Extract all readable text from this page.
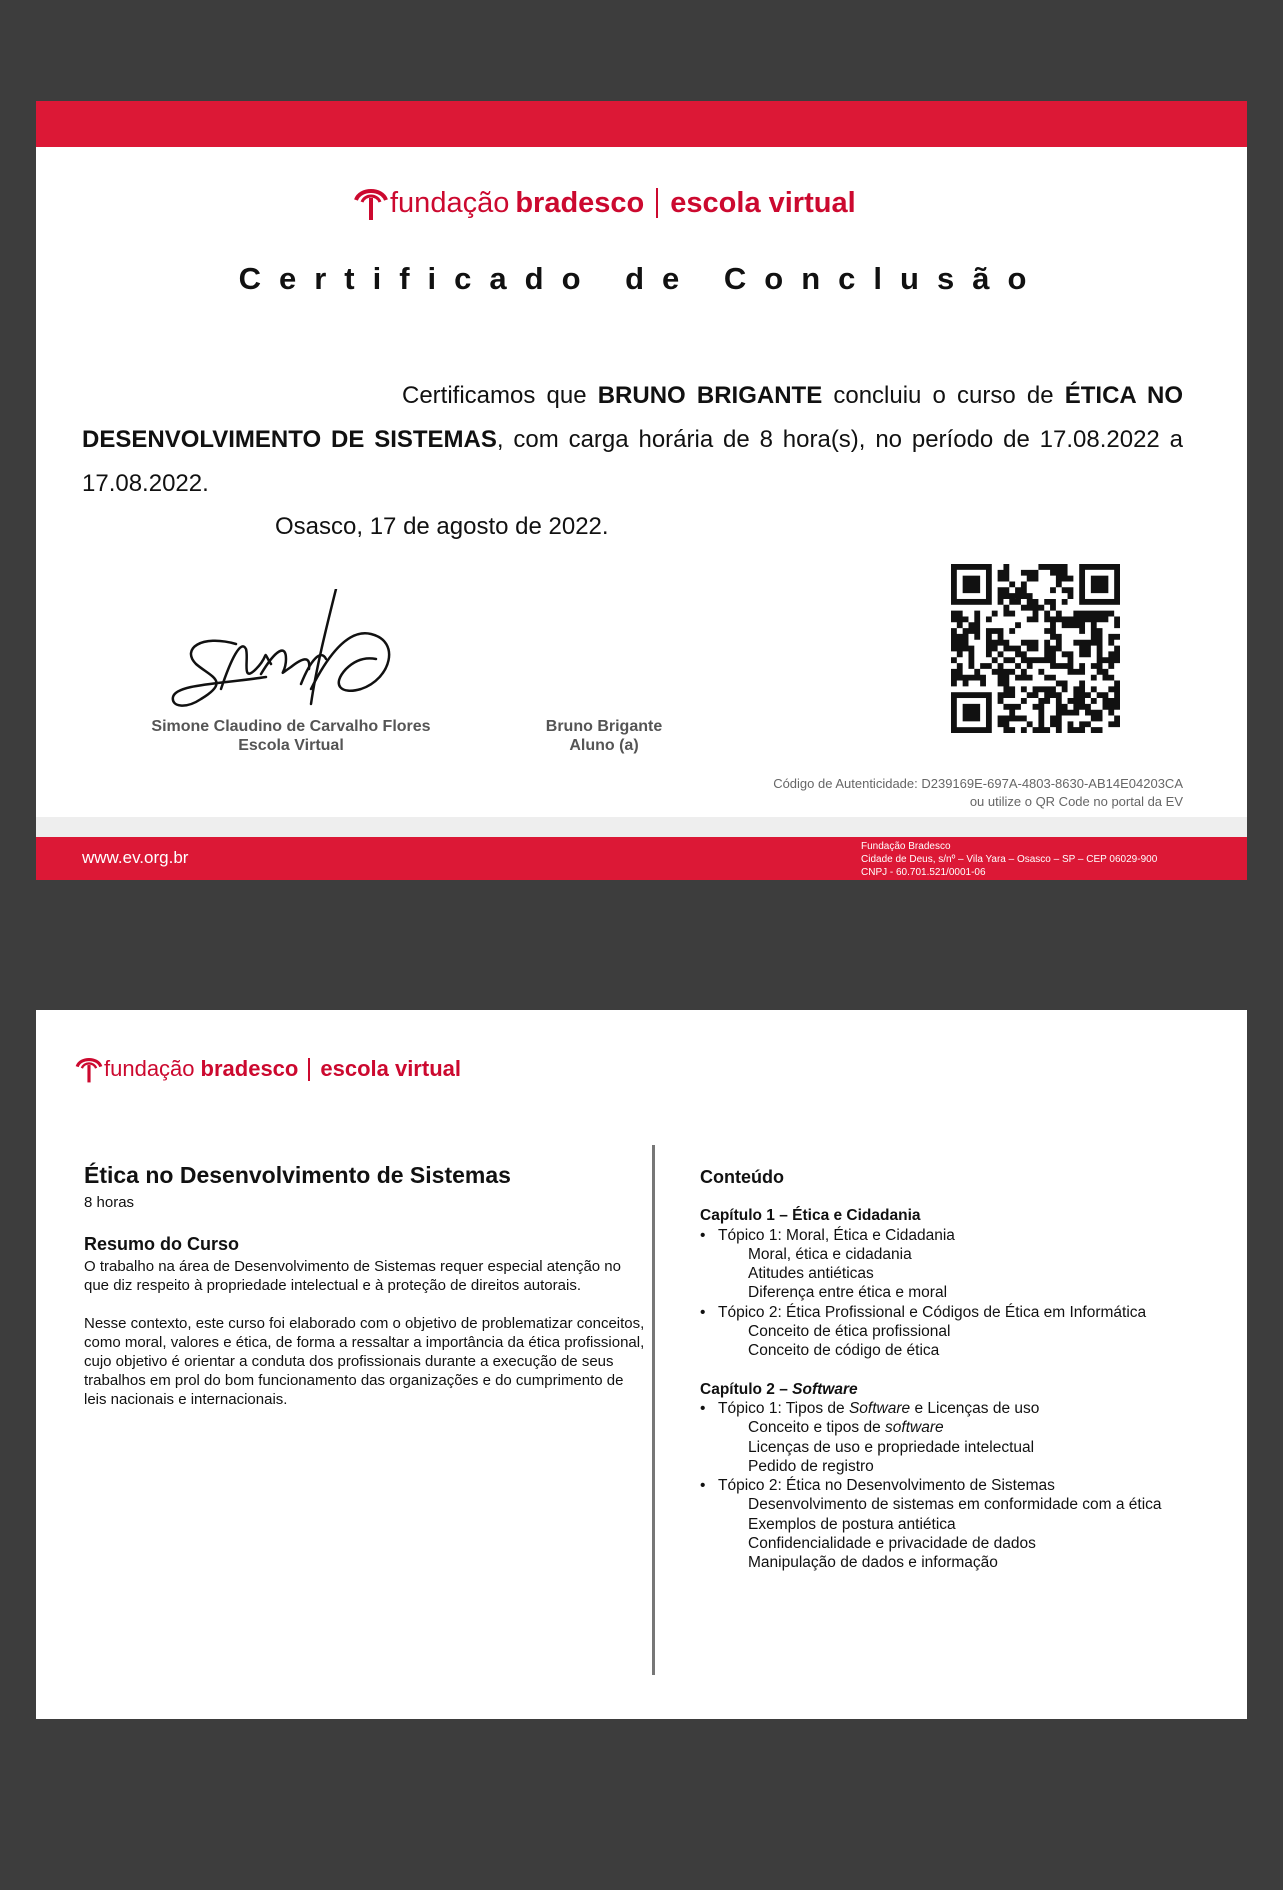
fundação bradesco escola virtual
Certificado de Conclusão
Certificamos que BRUNO BRIGANTE concluiu o curso de ÉTICA NO DESENVOLVIMENTO DE SISTEMAS, com carga horária de 8 hora(s), no período de 17.08.2022 a 17.08.2022.
Osasco, 17 de agosto de 2022.
Simone Claudino de Carvalho Flores
Escola Virtual
Bruno Brigante
Aluno (a)
Código de Autenticidade: D239169E-697A-4803-8630-AB14E04203CA
ou utilize o QR Code no portal da EV
www.ev.org.br
Fundação Bradesco
Cidade de Deus, s/nº – Vila Yara – Osasco – SP – CEP 06029-900
CNPJ - 60.701.521/0001-06
fundação bradesco escola virtual
Ética no Desenvolvimento de Sistemas
8 horas
Resumo do Curso

O trabalho na área de Desenvolvimento de Sistemas requer especial atenção no que diz respeito à propriedade intelectual e à proteção de direitos autorais.

Nesse contexto, este curso foi elaborado com o objetivo de problematizar conceitos, como moral, valores e ética, de forma a ressaltar a importância da ética profissional, cujo objetivo é orientar a conduta dos profissionais durante a execução de seus trabalhos em prol do bom funcionamento das organizações e do cumprimento de leis nacionais e internacionais.

Conteúdo
Capítulo 1 – Ética e Cidadania
• Tópico 1: Moral, Ética e Cidadania
Moral, ética e cidadania
Atitudes antiéticas
Diferença entre ética e moral
• Tópico 2: Ética Profissional e Códigos de Ética em Informática
Conceito de ética profissional
Conceito de código de ética
Capítulo 2 – Software
• Tópico 1: Tipos de Software e Licenças de uso
Conceito e tipos de software
Licenças de uso e propriedade intelectual
Pedido de registro
• Tópico 2: Ética no Desenvolvimento de Sistemas
Desenvolvimento de sistemas em conformidade com a ética
Exemplos de postura antiética
Confidencialidade e privacidade de dados
Manipulação de dados e informação
